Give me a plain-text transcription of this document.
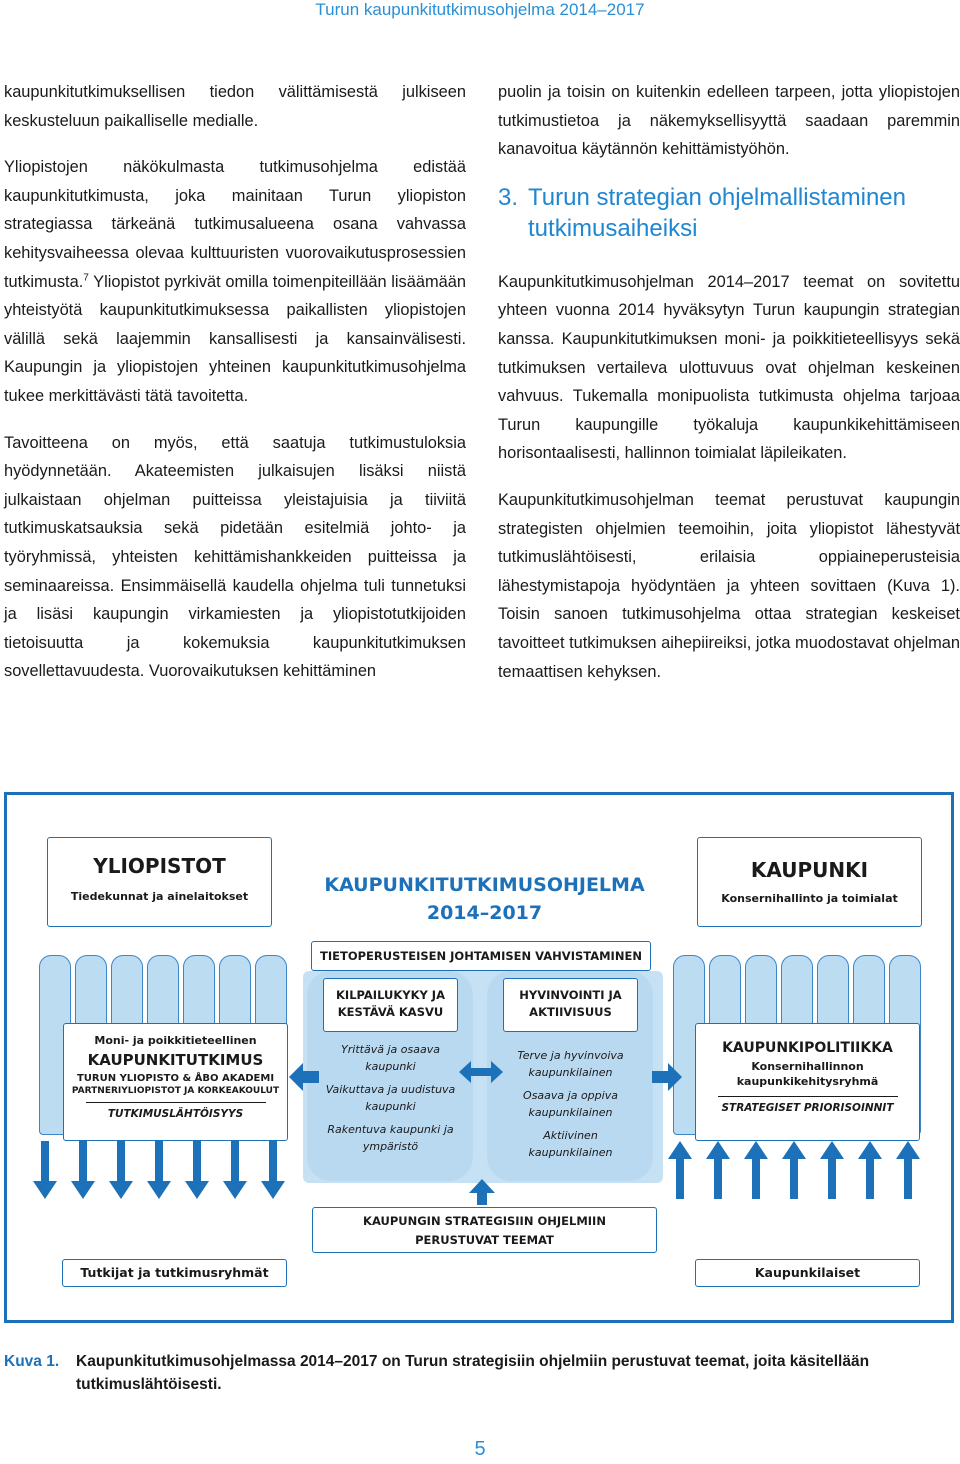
Turun kaupunkitutkimusohjelma 2014–2017

kaupunkitutkimuksellisen tiedon välittämisestä julkiseen keskusteluun paikalliselle medialle.

Yliopistojen näkökulmasta tutkimusohjelma edistää kaupunkitutkimusta, joka mainitaan Turun yliopiston strategiassa tärkeänä tutkimusalueena osana vahvassa kehitysvaiheessa olevaa kulttuuristen vuorovaikutusprosessien tutkimusta.$^7$ Yliopistot pyrkivät omilla toimenpiteillään lisäämään yhteistyötä kaupunkitutkimuksessa paikallisten yliopistojen välillä sekä laajemmin kansallisesti ja kansainvälisesti. Kaupungin ja yliopistojen yhteinen kaupunkitutkimusohjelma tukee merkittävästi tätä tavoitetta.

Tavoitteena on myös, että saatuja tutkimustuloksia hyödynnetään. Akateemisten julkaisujen lisäksi niistä julkaistaan ohjelman puitteissa yleistajuisia ja tiiviitä tutkimuskatsauksia sekä pidetään esitelmiä johto- ja työryhmissä, yhteisten kehittämishankkeiden puitteissa ja seminaareissa. Ensimmäisellä kaudella ohjelma tuli tunnetuksi ja lisäsi kaupungin virkamiesten ja yliopistotutkijoiden tietoisuutta ja kokemuksia kaupunkitutkimuksen sovellettavuudesta. Vuorovaikutuksen kehittäminen

puolin ja toisin on kuitenkin edelleen tarpeen, jotta yliopistojen tutkimustietoa ja näkemyksellisyyttä saadaan paremmin kanavoitua käytännön kehittämistyöhön.

3. Turun strategian ohjelmallistaminen tutkimusaiheiksi

Kaupunkitutkimusohjelman 2014–2017 teemat on sovitettu yhteen vuonna 2014 hyväksytyn Turun kaupungin strategian kanssa. Kaupunkitutkimuksen moni- ja poikkitieteellisyys sekä tutkimuksen vertaileva ulottuvuus ovat ohjelman keskeinen vahvuus. Tukemalla monipuolista tutkimusta ohjelma tarjoaa Turun kaupungille työkaluja kaupunkikehittämiseen horisontaalisesti, hallinnon toimialat läpileikaten.

Kaupunkitutkimusohjelman teemat perustuvat kaupungin strategisten ohjelmien teemoihin, joita yliopistot lähestyvät tutkimuslähtöisesti, erilaisia oppiaineperusteisia lähestymistapoja hyödyntäen ja yhteen sovittaen (Kuva 1). Toisin sanoen tutkimusohjelma ottaa strategian keskeiset tavoitteet tutkimuksen aihepiireiksi, jotka muodostavat ohjelman temaattisen kehyksen.

YLIOPISTOT
Tiedekunnat ja ainelaitokset
Moni- ja poikkitieteellinen
KAUPUNKITUTKIMUS
TURUN YLIOPISTO & ÅBO AKADEMI
PARTNERIYLIOPISTOT JA KORKEAKOULUT
TUTKIMUSLÄHTÖISYYS
Tutkijat ja tutkimusryhmät
KAUPUNKI
Konsernihallinto ja toimialat
KAUPUNKIPOLITIIKKA
Konsernihallinnon
kaupunkikehitysryhmä
STRATEGISET PRIORISOINNIT
Kaupunkilaiset
KAUPUNKITUTKIMUSOHJELMA
2014–2017
TIETOPERUSTEISEN JOHTAMISEN VAHVISTAMINEN
KILPAILUKYKY JA KESTÄVÄ KASVU
HYVINVOINTI JA AKTIIVISUUS
Yrittävä ja osaava kaupunki
Vaikuttava ja uudistuva kaupunki
Rakentuva kaupunki ja ympäristö
Terve ja hyvinvoiva kaupunkilainen
Osaava ja oppiva kaupunkilainen
Aktiivinen kaupunkilainen
KAUPUNGIN STRATEGISIIN OHJELMIIN
PERUSTUVAT TEEMAT
Kuva 1.	Kaupunkitutkimusohjelmassa 2014–2017 on Turun strategisiin ohjelmiin perustuvat teemat, joita käsitellään tutkimuslähtöisesti.
5
